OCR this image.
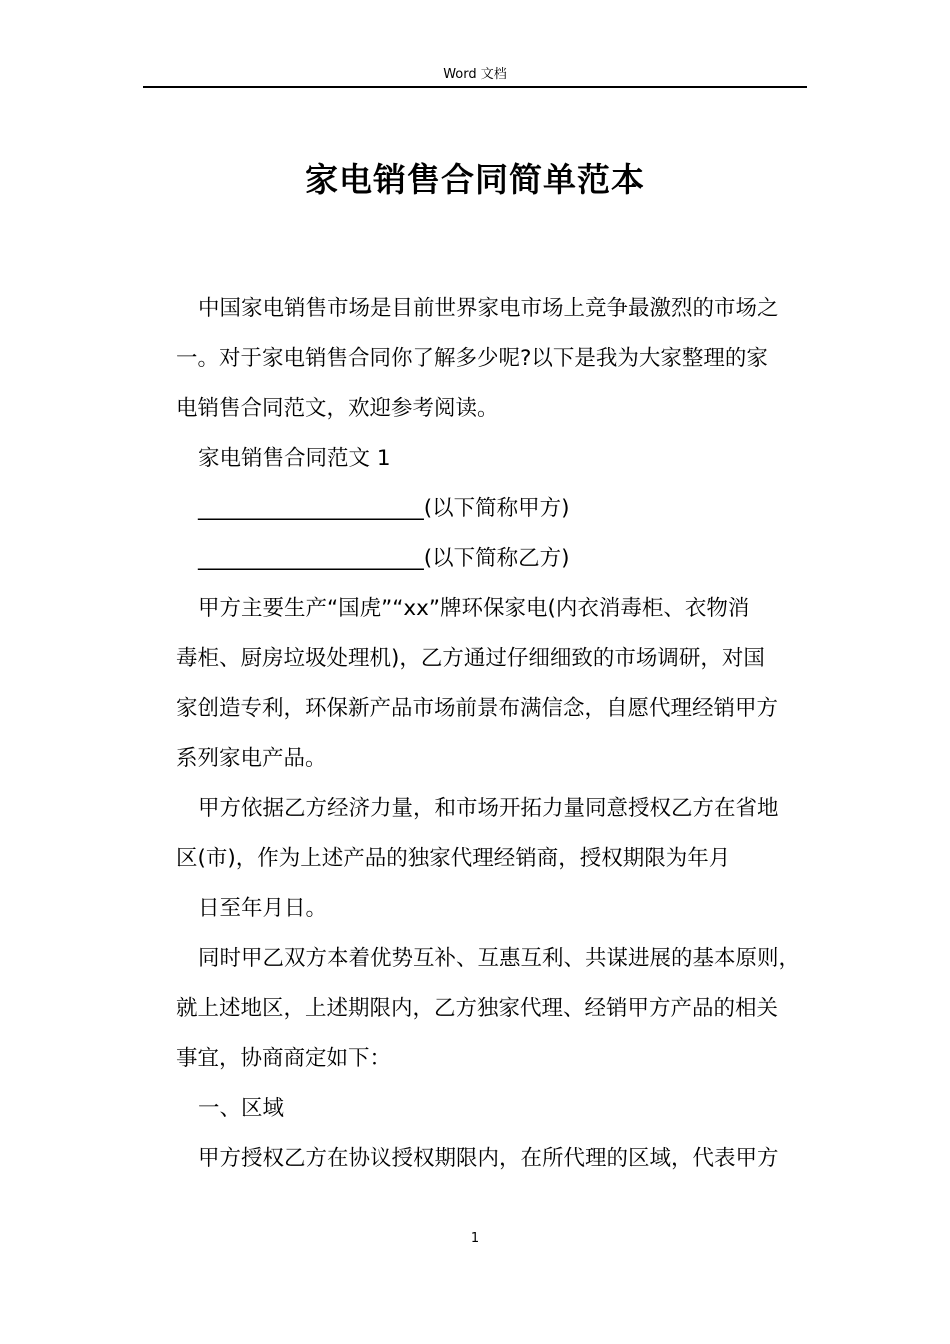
Word 文档
家电销售合同简单范本

中国家电销售市场是目前世界家电市场上竞争最激烈的市场之

一。对于家电销售合同你了解多少呢?以下是我为大家整理的家

电销售合同范文，欢迎参考阅读。

家电销售合同范文 1

_____________________(以下简称甲方)

_____________________(以下简称乙方)

甲方主要生产“国虎”“xx”牌环保家电(内衣消毒柜、衣物消

毒柜、厨房垃圾处理机)，乙方通过仔细细致的市场调研，对国

家创造专利，环保新产品市场前景布满信念，自愿代理经销甲方

系列家电产品。

甲方依据乙方经济力量，和市场开拓力量同意授权乙方在省地

区(市)，作为上述产品的独家代理经销商，授权期限为年月

日至年月日。

同时甲乙双方本着优势互补、互惠互利、共谋进展的基本原则，

就上述地区，上述期限内，乙方独家代理、经销甲方产品的相关

事宜，协商商定如下：

一、区域

甲方授权乙方在协议授权期限内，在所代理的区域，代表甲方

1
